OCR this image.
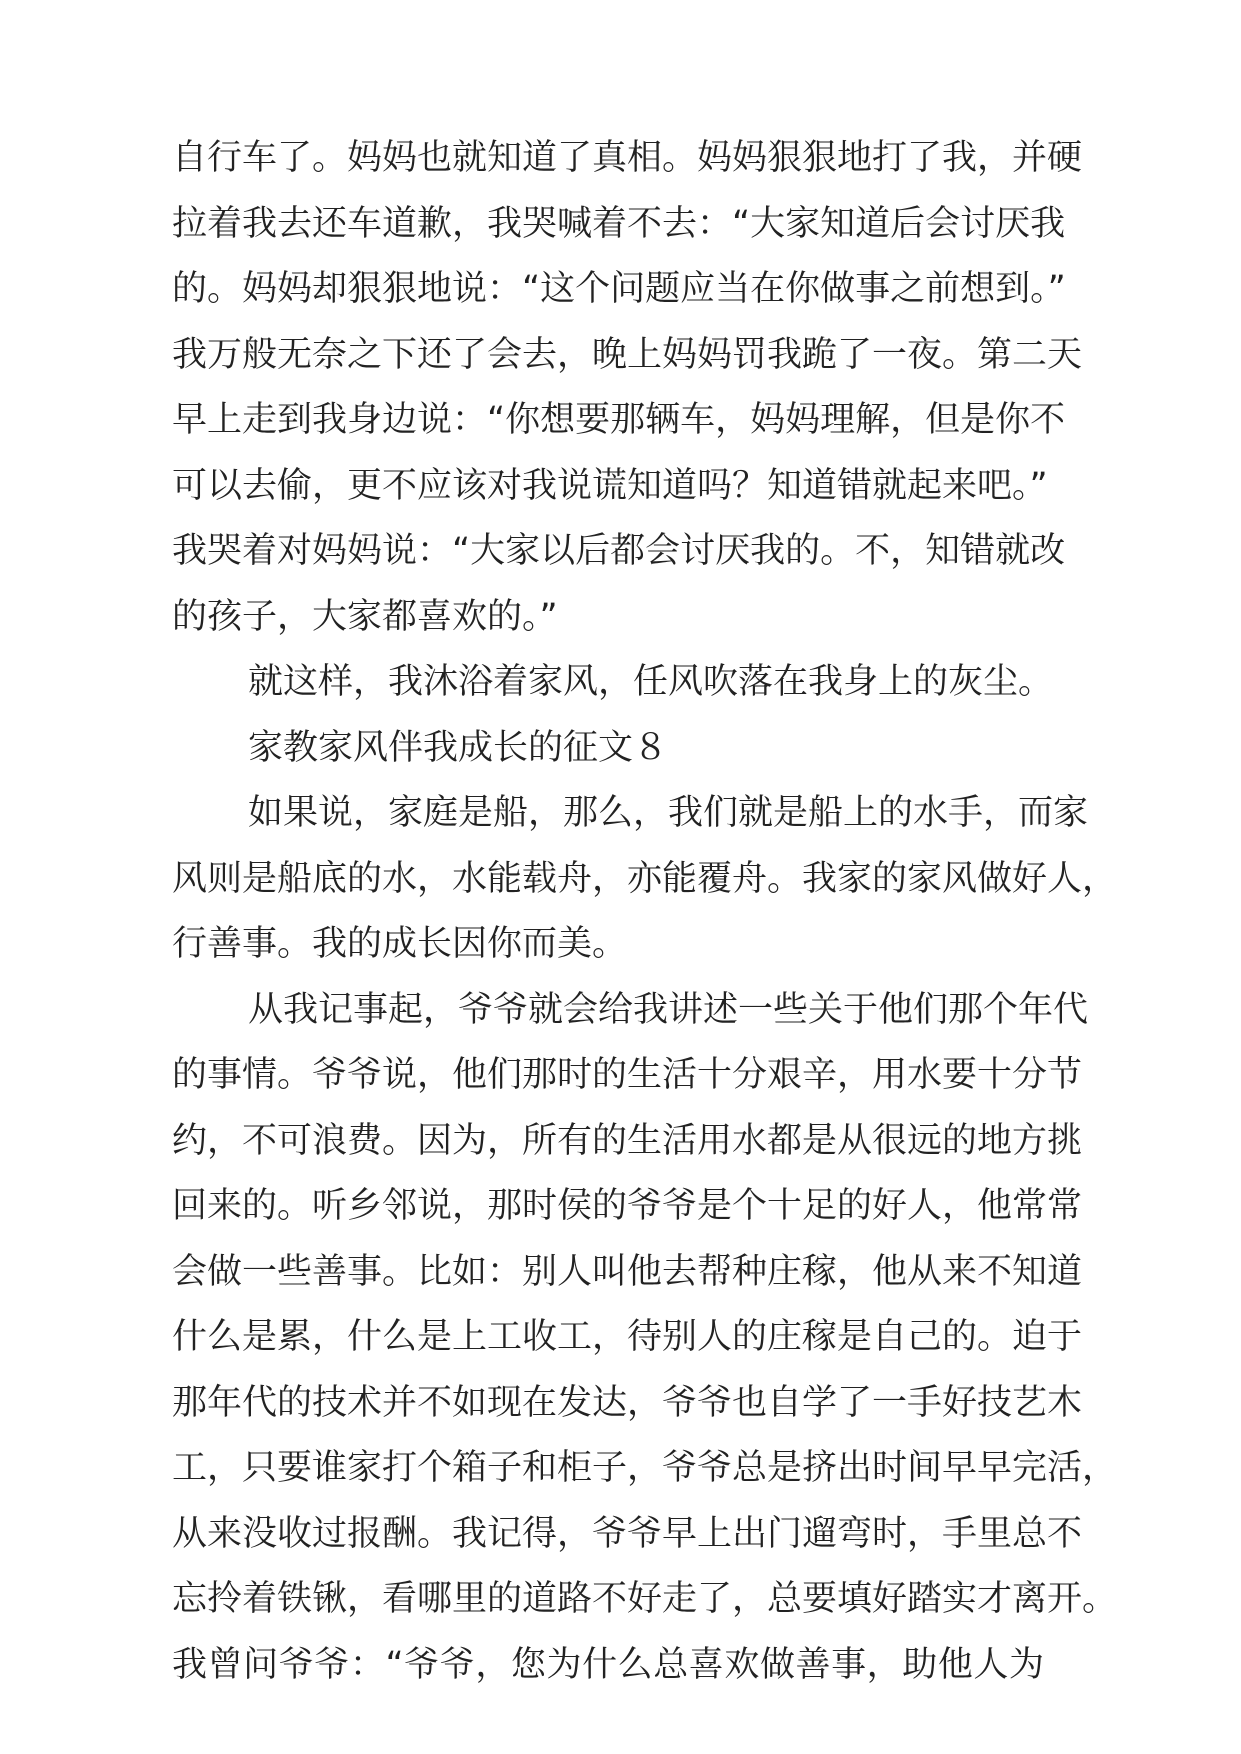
自行车了。妈妈也就知道了真相。妈妈狠狠地打了我，并硬
拉着我去还车道歉，我哭喊着不去：“大家知道后会讨厌我
的。妈妈却狠狠地说：“这个问题应当在你做事之前想到。”
我万般无奈之下还了会去，晚上妈妈罚我跪了一夜。第二天
早上走到我身边说：“你想要那辆车，妈妈理解，但是你不
可以去偷，更不应该对我说谎知道吗？知道错就起来吧。”
我哭着对妈妈说：“大家以后都会讨厌我的。不，知错就改
的孩子，大家都喜欢的。”
就这样，我沐浴着家风，任风吹落在我身上的灰尘。
家教家风伴我成长的征文８
如果说，家庭是船，那么，我们就是船上的水手，而家
风则是船底的水，水能载舟，亦能覆舟。我家的家风做好人，
行善事。我的成长因你而美。
从我记事起，爷爷就会给我讲述一些关于他们那个年代
的事情。爷爷说，他们那时的生活十分艰辛，用水要十分节
约，不可浪费。因为，所有的生活用水都是从很远的地方挑
回来的。听乡邻说，那时侯的爷爷是个十足的好人，他常常
会做一些善事。比如：别人叫他去帮种庄稼，他从来不知道
什么是累，什么是上工收工，待别人的庄稼是自己的。迫于
那年代的技术并不如现在发达，爷爷也自学了一手好技艺木
工，只要谁家打个箱子和柜子，爷爷总是挤出时间早早完活，
从来没收过报酬。我记得，爷爷早上出门遛弯时，手里总不
忘拎着铁锹，看哪里的道路不好走了，总要填好踏实才离开。
我曾问爷爷：“爷爷，您为什么总喜欢做善事，助他人为
